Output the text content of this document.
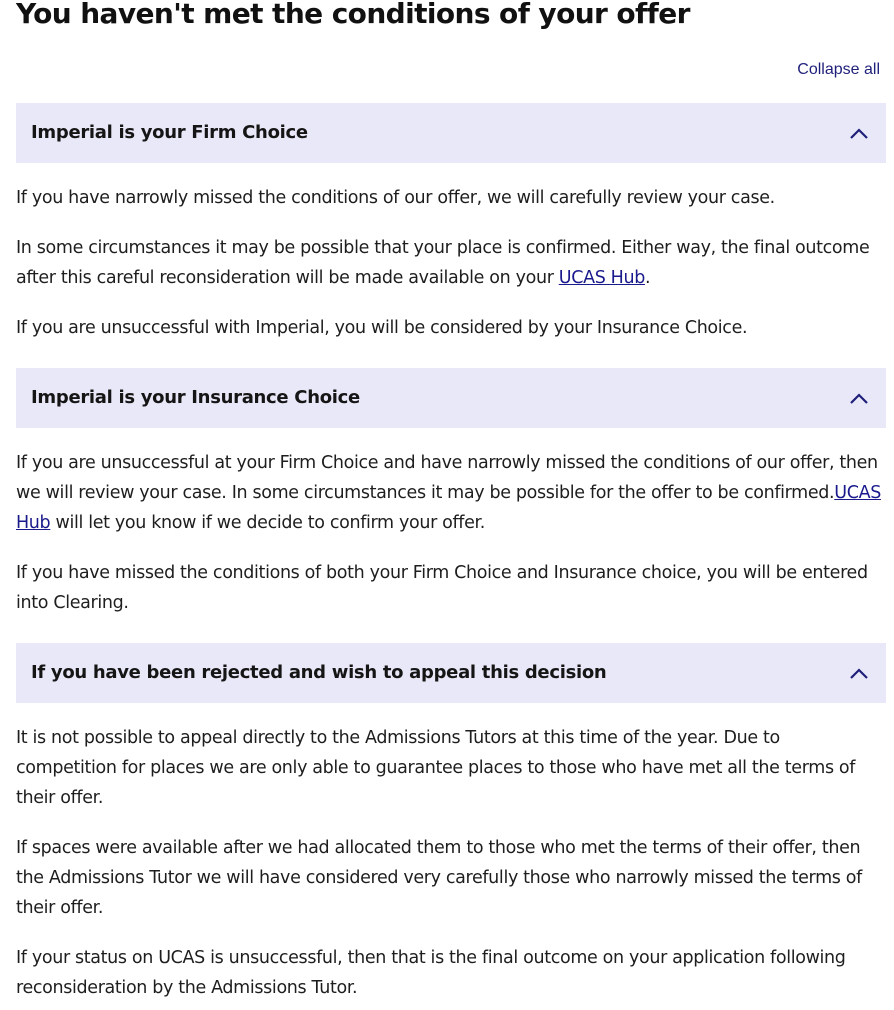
You haven't met the conditions of your offer
Collapse all
Imperial is your Firm Choice

If you have narrowly missed the conditions of our offer, we will carefully review your case.

In some circumstances it may be possible that your place is confirmed. Either way, the final outcome after this careful reconsideration will be made available on your UCAS Hub.

If you are unsuccessful with Imperial, you will be considered by your Insurance Choice.

Imperial is your Insurance Choice

If you are unsuccessful at your Firm Choice and have narrowly missed the conditions of our offer, then we will review your case. In some circumstances it may be possible for the offer to be confirmed.UCAS Hub will let you know if we decide to confirm your offer.

If you have missed the conditions of both your Firm Choice and Insurance choice, you will be entered into Clearing.

If you have been rejected and wish to appeal this decision

It is not possible to appeal directly to the Admissions Tutors at this time of the year. Due to competition for places we are only able to guarantee places to those who have met all the terms of their offer.

If spaces were available after we had allocated them to those who met the terms of their offer, then the Admissions Tutor we will have considered very carefully those who narrowly missed the terms of their offer.

If your status on UCAS is unsuccessful, then that is the final outcome on your application following reconsideration by the Admissions Tutor.
